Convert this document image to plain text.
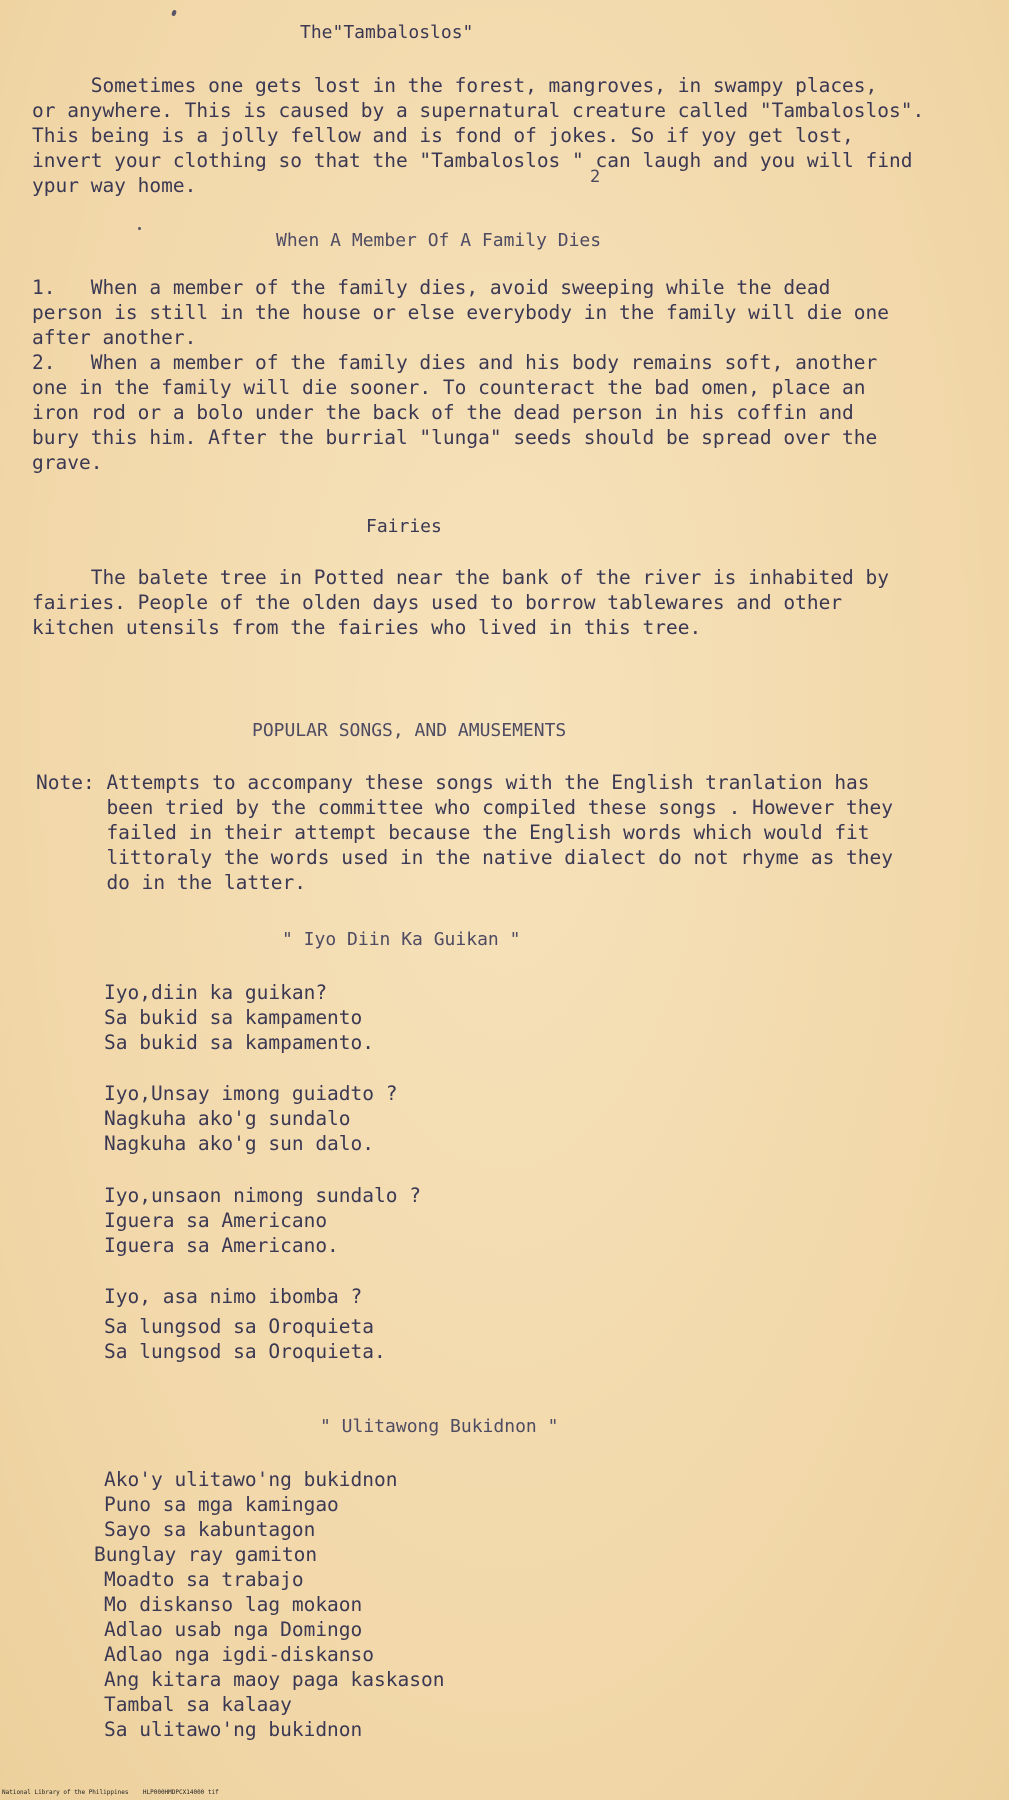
The"Tambaloslos"
Sometimes one gets lost in the forest, mangroves, in swampy places,
or anywhere. This is caused by a supernatural creature called "Tambaloslos".
This being is a jolly fellow and is fond of jokes. So if yoy get lost,
invert your clothing so that the "Tambaloslos " can laugh and you will find
ypur way home.	2
When A Member Of A Family Dies
1.   When a member of the family dies, avoid sweeping while the dead
person is still in the house or else everybody in the family will die one
after another.
2.   When a member of the family dies and his body remains soft, another
one in the family will die sooner. To counteract the bad omen, place an
iron rod or a bolo under the back of the dead person in his coffin and
bury this him. After the burrial "lunga" seeds should be spread over the
grave.
Fairies
The balete tree in Potted near the bank of the river is inhabited by
fairies. People of the olden days used to borrow tablewares and other
kitchen utensils from the fairies who lived in this tree.
POPULAR SONGS, AND AMUSEMENTS
Note: Attempts to accompany these songs with the English tranlation has
been tried by the committee who compiled these songs . However they
failed in their attempt because the English words which would fit
littoraly the words used in the native dialect do not rhyme as they
do in the latter.
" Iyo Diin Ka Guikan "
Iyo,diin ka guikan?
Sa bukid sa kampamento
Sa bukid sa kampamento.
Iyo,Unsay imong guiadto ?
Nagkuha ako'g sundalo
Nagkuha ako'g sun dalo.
Iyo,unsaon nimong sundalo ?
Iguera sa Americano
Iguera sa Americano.
Iyo, asa nimo ibomba ?
Sa lungsod sa Oroquieta
Sa lungsod sa Oroquieta.
" Ulitawong Bukidnon "
Ako'y ulitawo'ng bukidnon
Puno sa mga kamingao
Sayo sa kabuntagon
Bunglay ray gamiton
Moadto sa trabajo
Mo diskanso lag mokaon
Adlao usab nga Domingo
Adlao nga igdi-diskanso
Ang kitara maoy paga kaskason
Tambal sa kalaay
Sa ulitawo'ng bukidnon
National Library of the Philippines    HLP000HMDPCX14000 tif
